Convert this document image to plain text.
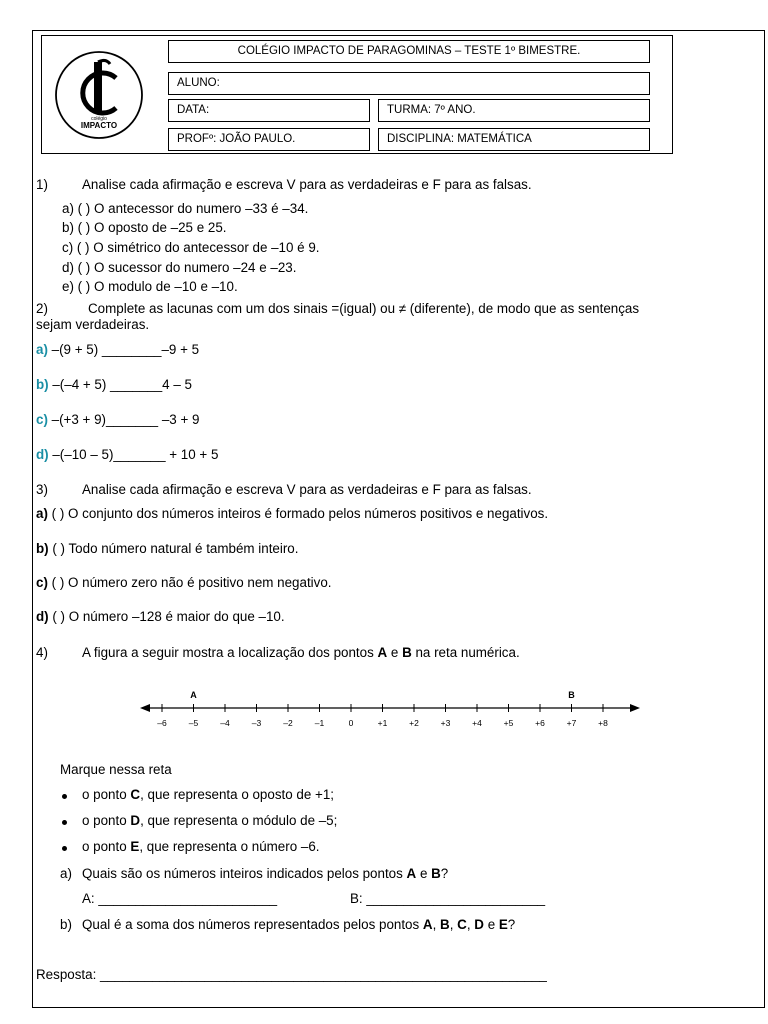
colégio
IMPACTO
COLÉGIO IMPACTO DE PARAGOMINAS – TESTE 1º BIMESTRE.
ALUNO:
DATA:	TURMA: 7º ANO.
PROFº: JOÃO PAULO.	DISCIPLINA: MATEMÁTICA
1)	Analise cada afirmação e escreva V para as verdadeiras e F para as falsas.
a) ( ) O antecessor do numero –33 é –34.
b) ( ) O oposto de –25 e 25.
c) ( ) O simétrico do antecessor de –10 é 9.
d) ( ) O sucessor do numero –24 e –23.
e) ( ) O modulo de –10 e –10.
2)	Complete as lacunas com um dos sinais =(igual) ou ≠ (diferente), de modo que as sentenças
sejam verdadeiras.
a) –(9 + 5) ________–9 + 5
b) –(–4 + 5) _______4 – 5
c) –(+3 + 9)_______ –3 + 9
d) –(–10 – 5)_______ + 10 + 5
3)	Analise cada afirmação e escreva V para as verdadeiras e F para as falsas.
a) ( ) O conjunto dos números inteiros é formado pelos números positivos e negativos.
b) ( ) Todo número natural é também inteiro.
c) ( ) O número zero não é positivo nem negativo.
d) ( ) O número –128 é maior do que –10.
4)	A figura a seguir mostra a localização dos pontos A e B na reta numérica.
–6	–5	–4	–3	–2	–1	0	+1	+2	+3	+4	+5	+6	+7	+8
A	B
Marque nessa reta
o ponto C, que representa o oposto de +1;
o ponto D, que representa o módulo de –5;
o ponto E, que representa o número –6.
a) Quais são os números inteiros indicados pelos pontos A e B?
A: ________________________	B: ________________________
b) Qual é a soma dos números representados pelos pontos A, B, C, D e E?
Resposta: ____________________________________________________________
